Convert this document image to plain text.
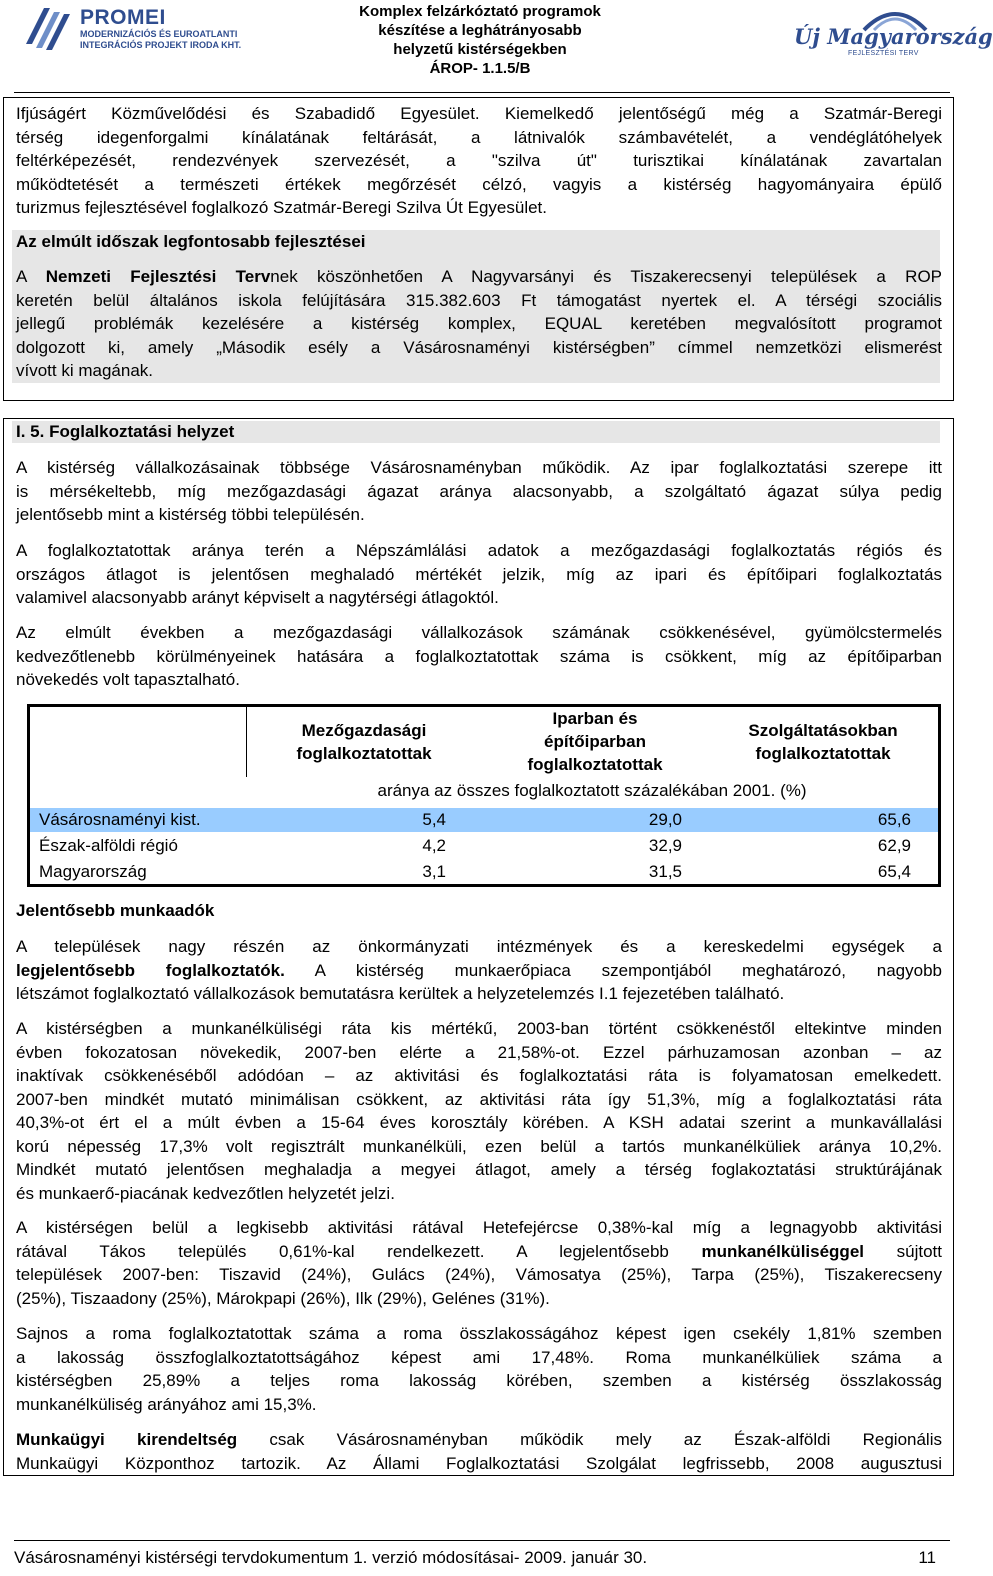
PROMEI
MODERNIZÁCIÓS ÉS EUROATLANTI
INTEGRÁCIÓS PROJEKT IRODA KHT.
Komplex felzárkóztató programok
készítése a leghátrányosabb
helyzetű kistérségekben
ÁROP- 1.1.5/B
Új Magyarország
FEJLESZTÉSI TERV
Ifjúságért Közművelődési és Szabadidő Egyesület. Kiemelkedő jelentőségű még a Szatmár-Beregi
térség idegenforgalmi kínálatának feltárását, a látnivalók számbavételét, a vendéglátóhelyek
feltérképezését, rendezvények szervezését, a "szilva út" turisztikai kínálatának zavartalan
működtetését a természeti értékek megőrzését célzó, vagyis a kistérség hagyományaira épülő
turizmus fejlesztésével foglalkozó Szatmár-Beregi Szilva Út Egyesület.
Az elmúlt időszak legfontosabb fejlesztései
A Nemzeti Fejlesztési Tervnek köszönhetően A Nagyvarsányi és Tiszakerecsenyi települések a ROP
keretén belül általános iskola felújítására 315.382.603 Ft támogatást nyertek el. A térségi szociális
jellegű problémák kezelésére a kistérség komplex, EQUAL keretében megvalósított programot
dolgozott ki, amely „Második esély a Vásárosnaményi kistérségben” címmel nemzetközi elismerést
vívott ki magának.
I. 5. Foglalkoztatási helyzet
A kistérség vállalkozásainak többsége Vásárosnaményban működik. Az ipar foglalkoztatási szerepe itt
is mérsékeltebb, míg mezőgazdasági ágazat aránya alacsonyabb, a szolgáltató ágazat súlya pedig
jelentősebb mint a kistérség többi településén.
A foglalkoztatottak aránya terén a Népszámlálási adatok a mezőgazdasági foglalkoztatás régiós és
országos átlagot is jelentősen meghaladó mértékét jelzik, míg az ipari és építőipari foglalkoztatás
valamivel alacsonyabb arányt képviselt a nagytérségi átlagoktól.
Az elmúlt években a mezőgazdasági vállalkozások számának csökkenésével, gyümölcstermelés
kedvezőtlenebb körülményeinek hatására a foglalkoztatottak száma is csökkent, míg az építőiparban
növekedés volt tapasztalható.
Mezőgazdasági
foglalkoztatottak
Iparban és
építőiparban
foglalkoztatottak
Szolgáltatásokban
foglalkoztatottak
aránya az összes foglalkoztatott százalékában 2001. (%)
Vásárosnaményi kist.	5,4	29,0	65,6
Észak-alföldi régió	4,2	32,9	62,9
Magyarország	3,1	31,5	65,4
Jelentősebb munkaadók
A települések nagy részén az önkormányzati intézmények és a kereskedelmi egységek a
legjelentősebb foglalkoztatók. A kistérség munkaerőpiaca szempontjából meghatározó, nagyobb
létszámot foglalkoztató vállalkozások bemutatásra kerültek a helyzetelemzés I.1 fejezetében található.
A kistérségben a munkanélküliségi ráta kis mértékű, 2003-ban történt csökkenéstől eltekintve minden
évben fokozatosan növekedik, 2007-ben elérte a 21,58%-ot. Ezzel párhuzamosan azonban – az
inaktívak csökkenéséből adódóan – az aktivitási és foglalkoztatási ráta is folyamatosan emelkedett.
2007-ben mindkét mutató minimálisan csökkent, az aktivitási ráta így 51,3%, míg a foglalkoztatási ráta
40,3%-ot ért el a múlt évben a 15-64 éves korosztály körében. A KSH adatai szerint a munkavállalási
korú népesség 17,3% volt regisztrált munkanélküli, ezen belül a tartós munkanélküliek aránya 10,2%.
Mindkét mutató jelentősen meghaladja a megyei átlagot, amely a térség foglakoztatási struktúrájának
és munkaerő-piacának kedvezőtlen helyzetét jelzi.
A kistérségen belül a legkisebb aktivitási rátával Hetefejércse 0,38%-kal míg a legnagyobb aktivitási
rátával Tákos település 0,61%-kal rendelkezett. A legjelentősebb munkanélküliséggel sújtott
települések 2007-ben: Tiszavid (24%), Gulács (24%), Vámosatya (25%), Tarpa (25%), Tiszakerecseny
(25%), Tiszaadony (25%), Márokpapi (26%), Ilk (29%), Gelénes (31%).
Sajnos a roma foglalkoztatottak száma a roma összlakosságához képest igen csekély 1,81% szemben
a lakosság összfoglalkoztatottságához képest ami 17,48%. Roma munkanélküliek száma a
kistérségben 25,89% a teljes roma lakosság körében, szemben a kistérség összlakosság
munkanélküliség arányához ami 15,3%.
Munkaügyi kirendeltség csak Vásárosnaményban működik mely az Észak-alföldi Regionális
Munkaügyi Központhoz tartozik. Az Állami Foglalkoztatási Szolgálat legfrissebb, 2008 augusztusi
Vásárosnaményi kistérségi tervdokumentum 1. verzió módosításai- 2009. január 30.	11
